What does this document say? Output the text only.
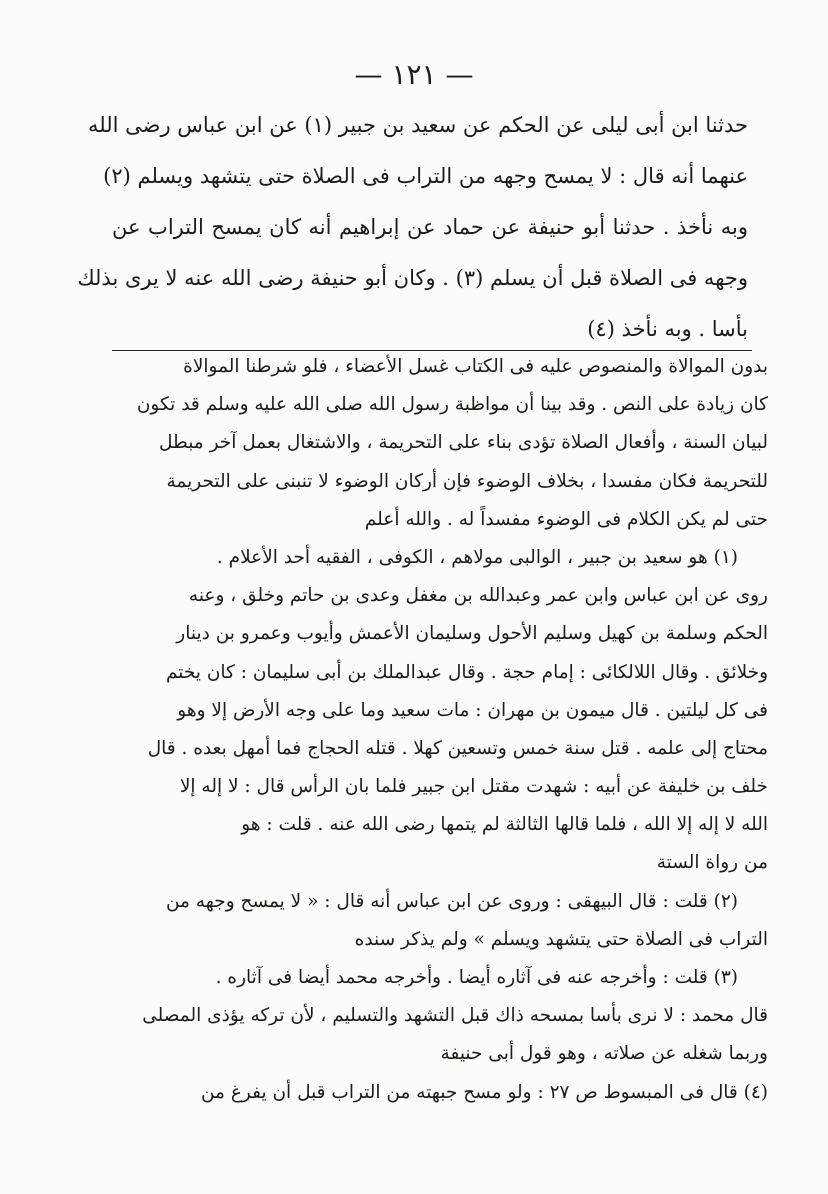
— ١٢١ —
حدثنا ابن أبى ليلى عن الحكم عن سعيد بن جبير (١) عن ابن عباس رضى الله
عنهما أنه قال : لا يمسح وجهه من التراب فى الصلاة حتى يتشهد ويسلم (٢)
وبه نأخذ . حدثنا أبو حنيفة عن حماد عن إبراهيم أنه كان يمسح التراب عن
وجهه فى الصلاة قبل أن يسلم (٣) . وكان أبو حنيفة رضى الله عنه لا يرى بذلك
بأسا . وبه نأخذ (٤)
بدون الموالاة والمنصوص عليه فى الكتاب غسل الأعضاء ، فلو شرطنا الموالاة
كان زيادة على النص . وقد بينا أن مواظبة رسول الله صلى الله عليه وسلم قد تكون
لبيان السنة ، وأفعال الصلاة تؤدى بناء على التحريمة ، والاشتغال بعمل آخر مبطل
للتحريمة فكان مفسدا ، بخلاف الوضوء فإن أركان الوضوء لا تنبنى على التحريمة
حتى لم يكن الكلام فى الوضوء مفسداً له . والله أعلم
(١) هو سعيد بن جبير ، الوالبى مولاهم ، الكوفى ، الفقيه أحد الأعلام .
روى عن ابن عباس وابن عمر وعبدالله بن مغفل وعدى بن حاتم وخلق ، وعنه
الحكم وسلمة بن كهيل وسليم الأحول وسليمان الأعمش وأيوب وعمرو بن دينار
وخلائق . وقال اللالكائى : إمام حجة . وقال عبدالملك بن أبى سليمان : كان يختم
فى كل ليلتين . قال ميمون بن مهران : مات سعيد وما على وجه الأرض إلا وهو
محتاج إلى علمه . قتل سنة خمس وتسعين كهلا . قتله الحجاج فما أمهل بعده . قال
خلف بن خليفة عن أبيه : شهدت مقتل ابن جبير فلما بان الرأس قال : لا إله إلا
الله لا إله إلا الله ، فلما قالها الثالثة لم يتمها رضى الله عنه . قلت : هو
من رواة الستة
(٢) قلت : قال البيهقى : وروى عن ابن عباس أنه قال : « لا يمسح وجهه من
التراب فى الصلاة حتى يتشهد ويسلم » ولم يذكر سنده
(٣) قلت : وأخرجه عنه فى آثاره أيضا . وأخرجه محمد أيضا فى آثاره .
قال محمد : لا نرى بأسا بمسحه ذاك قبل التشهد والتسليم ، لأن تركه يؤذى المصلى
وربما شغله عن صلاته ، وهو قول أبى حنيفة
(٤) قال فى المبسوط ص ٢٧ : ولو مسح جبهته من التراب قبل أن يفرغ من
